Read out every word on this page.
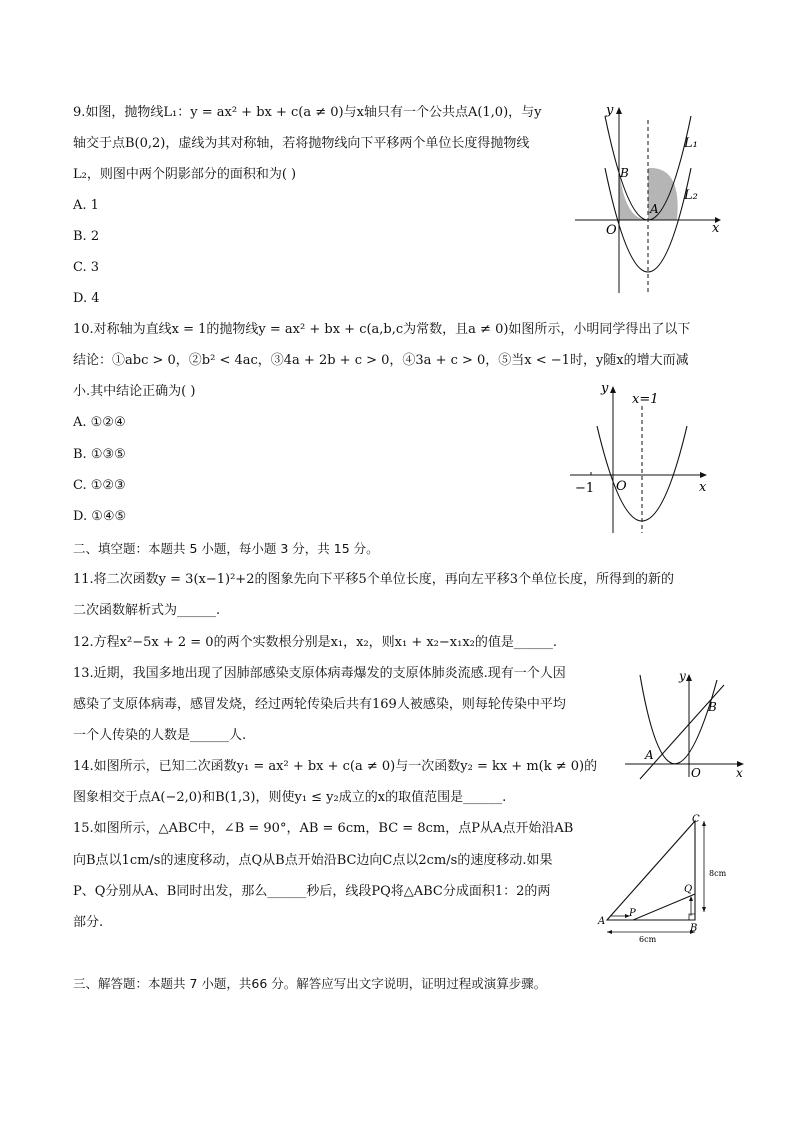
9.如图，抛物线L₁：y = ax² + bx + c(a ≠ 0)与x轴只有一个公共点A(1,0)，与y
轴交于点B(0,2)，虚线为其对称轴，若将抛物线向下平移两个单位长度得抛物线
L₂，则图中两个阴影部分的面积和为( )
A. 1
B. 2
C. 3
D. 4
y
x
O
A
B
L₁
L₂
10.对称轴为直线x = 1的抛物线y = ax² + bx + c(a,b,c为常数，且a ≠ 0)如图所示，小明同学得出了以下
结论：①abc > 0，②b² < 4ac，③4a + 2b + c > 0，④3a + c > 0，⑤当x < −1时，y随x的增大而减
小.其中结论正确为( )
A. ①②④
B. ①③⑤
C. ①②③
D. ①④⑤
y
x
O
−1
x=1
二、填空题：本题共 5 小题，每小题 3 分，共 15 分。
11.将二次函数y = 3(x−1)²+2的图象先向下平移5个单位长度，再向左平移3个单位长度，所得到的新的
二次函数解析式为______.
12.方程x²−5x + 2 = 0的两个实数根分别是x₁，x₂，则x₁ + x₂−x₁x₂的值是______.
13.近期，我国多地出现了因肺部感染支原体病毒爆发的支原体肺炎流感.现有一个人因
感染了支原体病毒，感冒发烧，经过两轮传染后共有169人被感染，则每轮传染中平均
一个人传染的人数是______人.
y
x
O
A
B
14.如图所示，已知二次函数y₁ = ax² + bx + c(a ≠ 0)与一次函数y₂ = kx + m(k ≠ 0)的
图象相交于点A(−2,0)和B(1,3)，则使y₁ ≤ y₂成立的x的取值范围是______.
15.如图所示，△ABC中，∠B = 90°，AB = 6cm，BC = 8cm，点P从A点开始沿AB
向B点以1cm/s的速度移动，点Q从B点开始沿BC边向C点以2cm/s的速度移动.如果
P、Q分别从A、B同时出发，那么______秒后，线段PQ将△ABC分成面积1：2的两
部分.	A
B
C
P
Q
6cm
8cm
三、解答题：本题共 7 小题，共66 分。解答应写出文字说明，证明过程或演算步骤。
